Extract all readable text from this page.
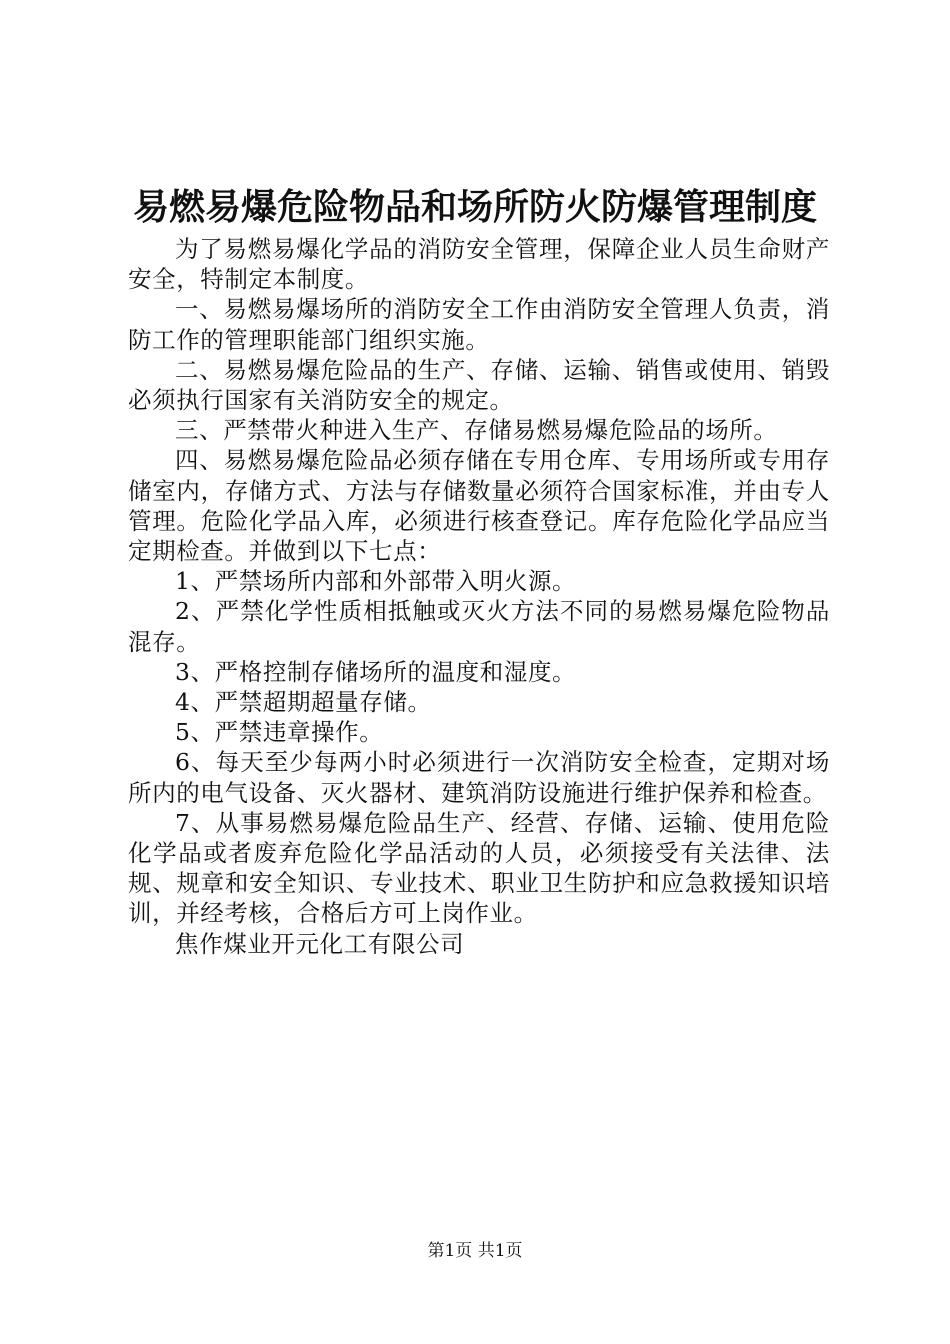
易燃易爆危险物品和场所防火防爆管理制度

为了易燃易爆化学品的消防安全管理，保障企业人员生命财产安全，特制定本制度。

一、易燃易爆场所的消防安全工作由消防安全管理人负责，消防工作的管理职能部门组织实施。

二、易燃易爆危险品的生产、存储、运输、销售或使用、销毁必须执行国家有关消防安全的规定。

三、严禁带火种进入生产、存储易燃易爆危险品的场所。

四、易燃易爆危险品必须存储在专用仓库、专用场所或专用存储室内，存储方式、方法与存储数量必须符合国家标准，并由专人管理。危险化学品入库，必须进行核查登记。库存危险化学品应当定期检查。并做到以下七点：

1、严禁场所内部和外部带入明火源。

2、严禁化学性质相抵触或灭火方法不同的易燃易爆危险物品混存。

3、严格控制存储场所的温度和湿度。

4、严禁超期超量存储。

5、严禁违章操作。

6、每天至少每两小时必须进行一次消防安全检查，定期对场所内的电气设备、灭火器材、建筑消防设施进行维护保养和检查。

7、从事易燃易爆危险品生产、经营、存储、运输、使用危险化学品或者废弃危险化学品活动的人员，必须接受有关法律、法规、规章和安全知识、专业技术、职业卫生防护和应急救援知识培训，并经考核，合格后方可上岗作业。

焦作煤业开元化工有限公司

第1页 共1页
